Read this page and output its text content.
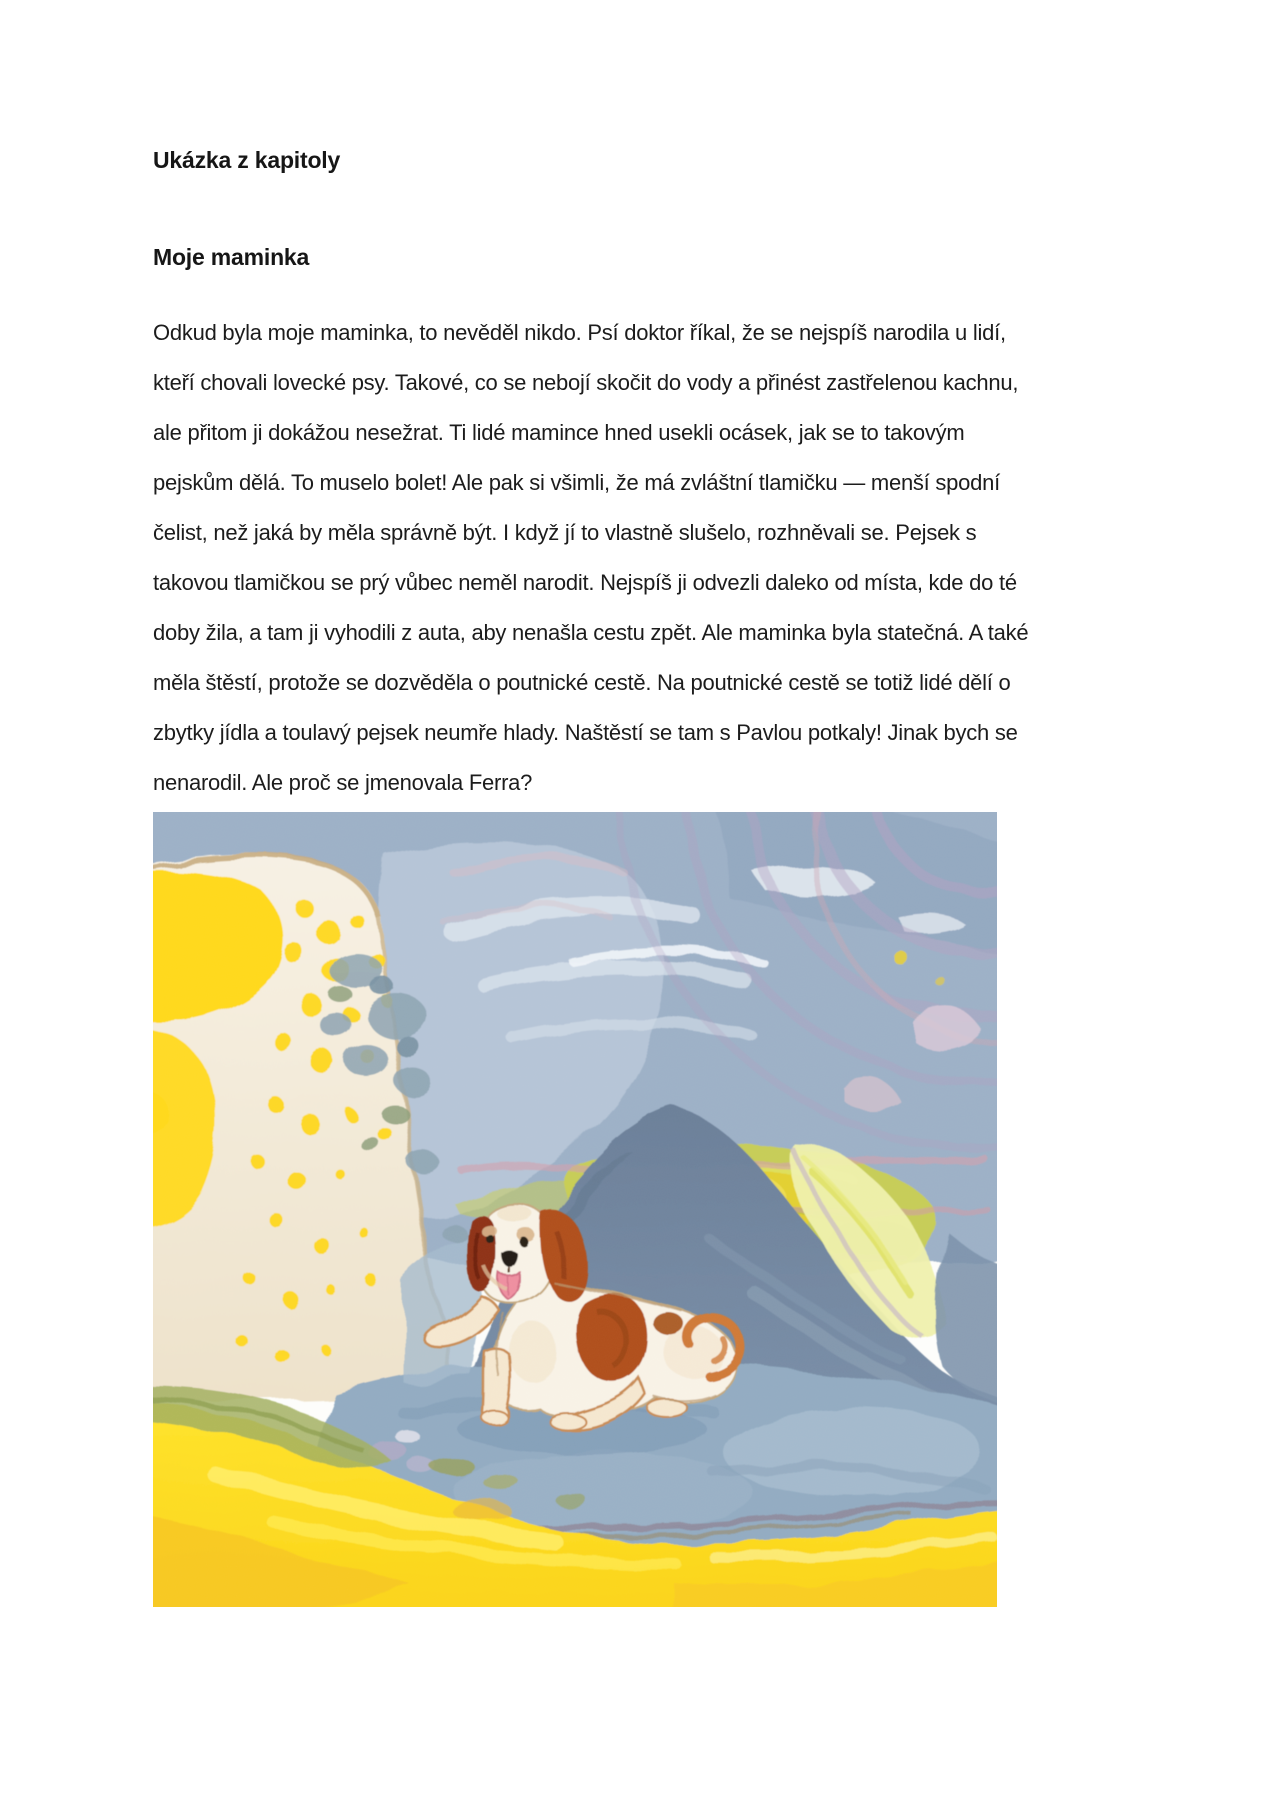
Ukázka z kapitoly
Moje maminka
Odkud byla moje maminka, to nevěděl nikdo. Psí doktor říkal, že se nejspíš narodila u lidí,
kteří chovali lovecké psy. Takové, co se nebojí skočit do vody a přinést zastřelenou kachnu,
ale přitom ji dokážou nesežrat. Ti lidé mamince hned usekli ocásek, jak se to takovým
pejskům dělá. To muselo bolet! Ale pak si všimli, že má zvláštní tlamičku — menší spodní
čelist, než jaká by měla správně být. I když jí to vlastně slušelo, rozhněvali se. Pejsek s
takovou tlamičkou se prý vůbec neměl narodit. Nejspíš ji odvezli daleko od místa, kde do té
doby žila, a tam ji vyhodili z auta, aby nenašla cestu zpět. Ale maminka byla statečná. A také
měla štěstí, protože se dozvěděla o poutnické cestě. Na poutnické cestě se totiž lidé dělí o
zbytky jídla a toulavý pejsek neumře hlady. Naštěstí se tam s Pavlou potkaly! Jinak bych se
nenarodil. Ale proč se jmenovala Ferra?
